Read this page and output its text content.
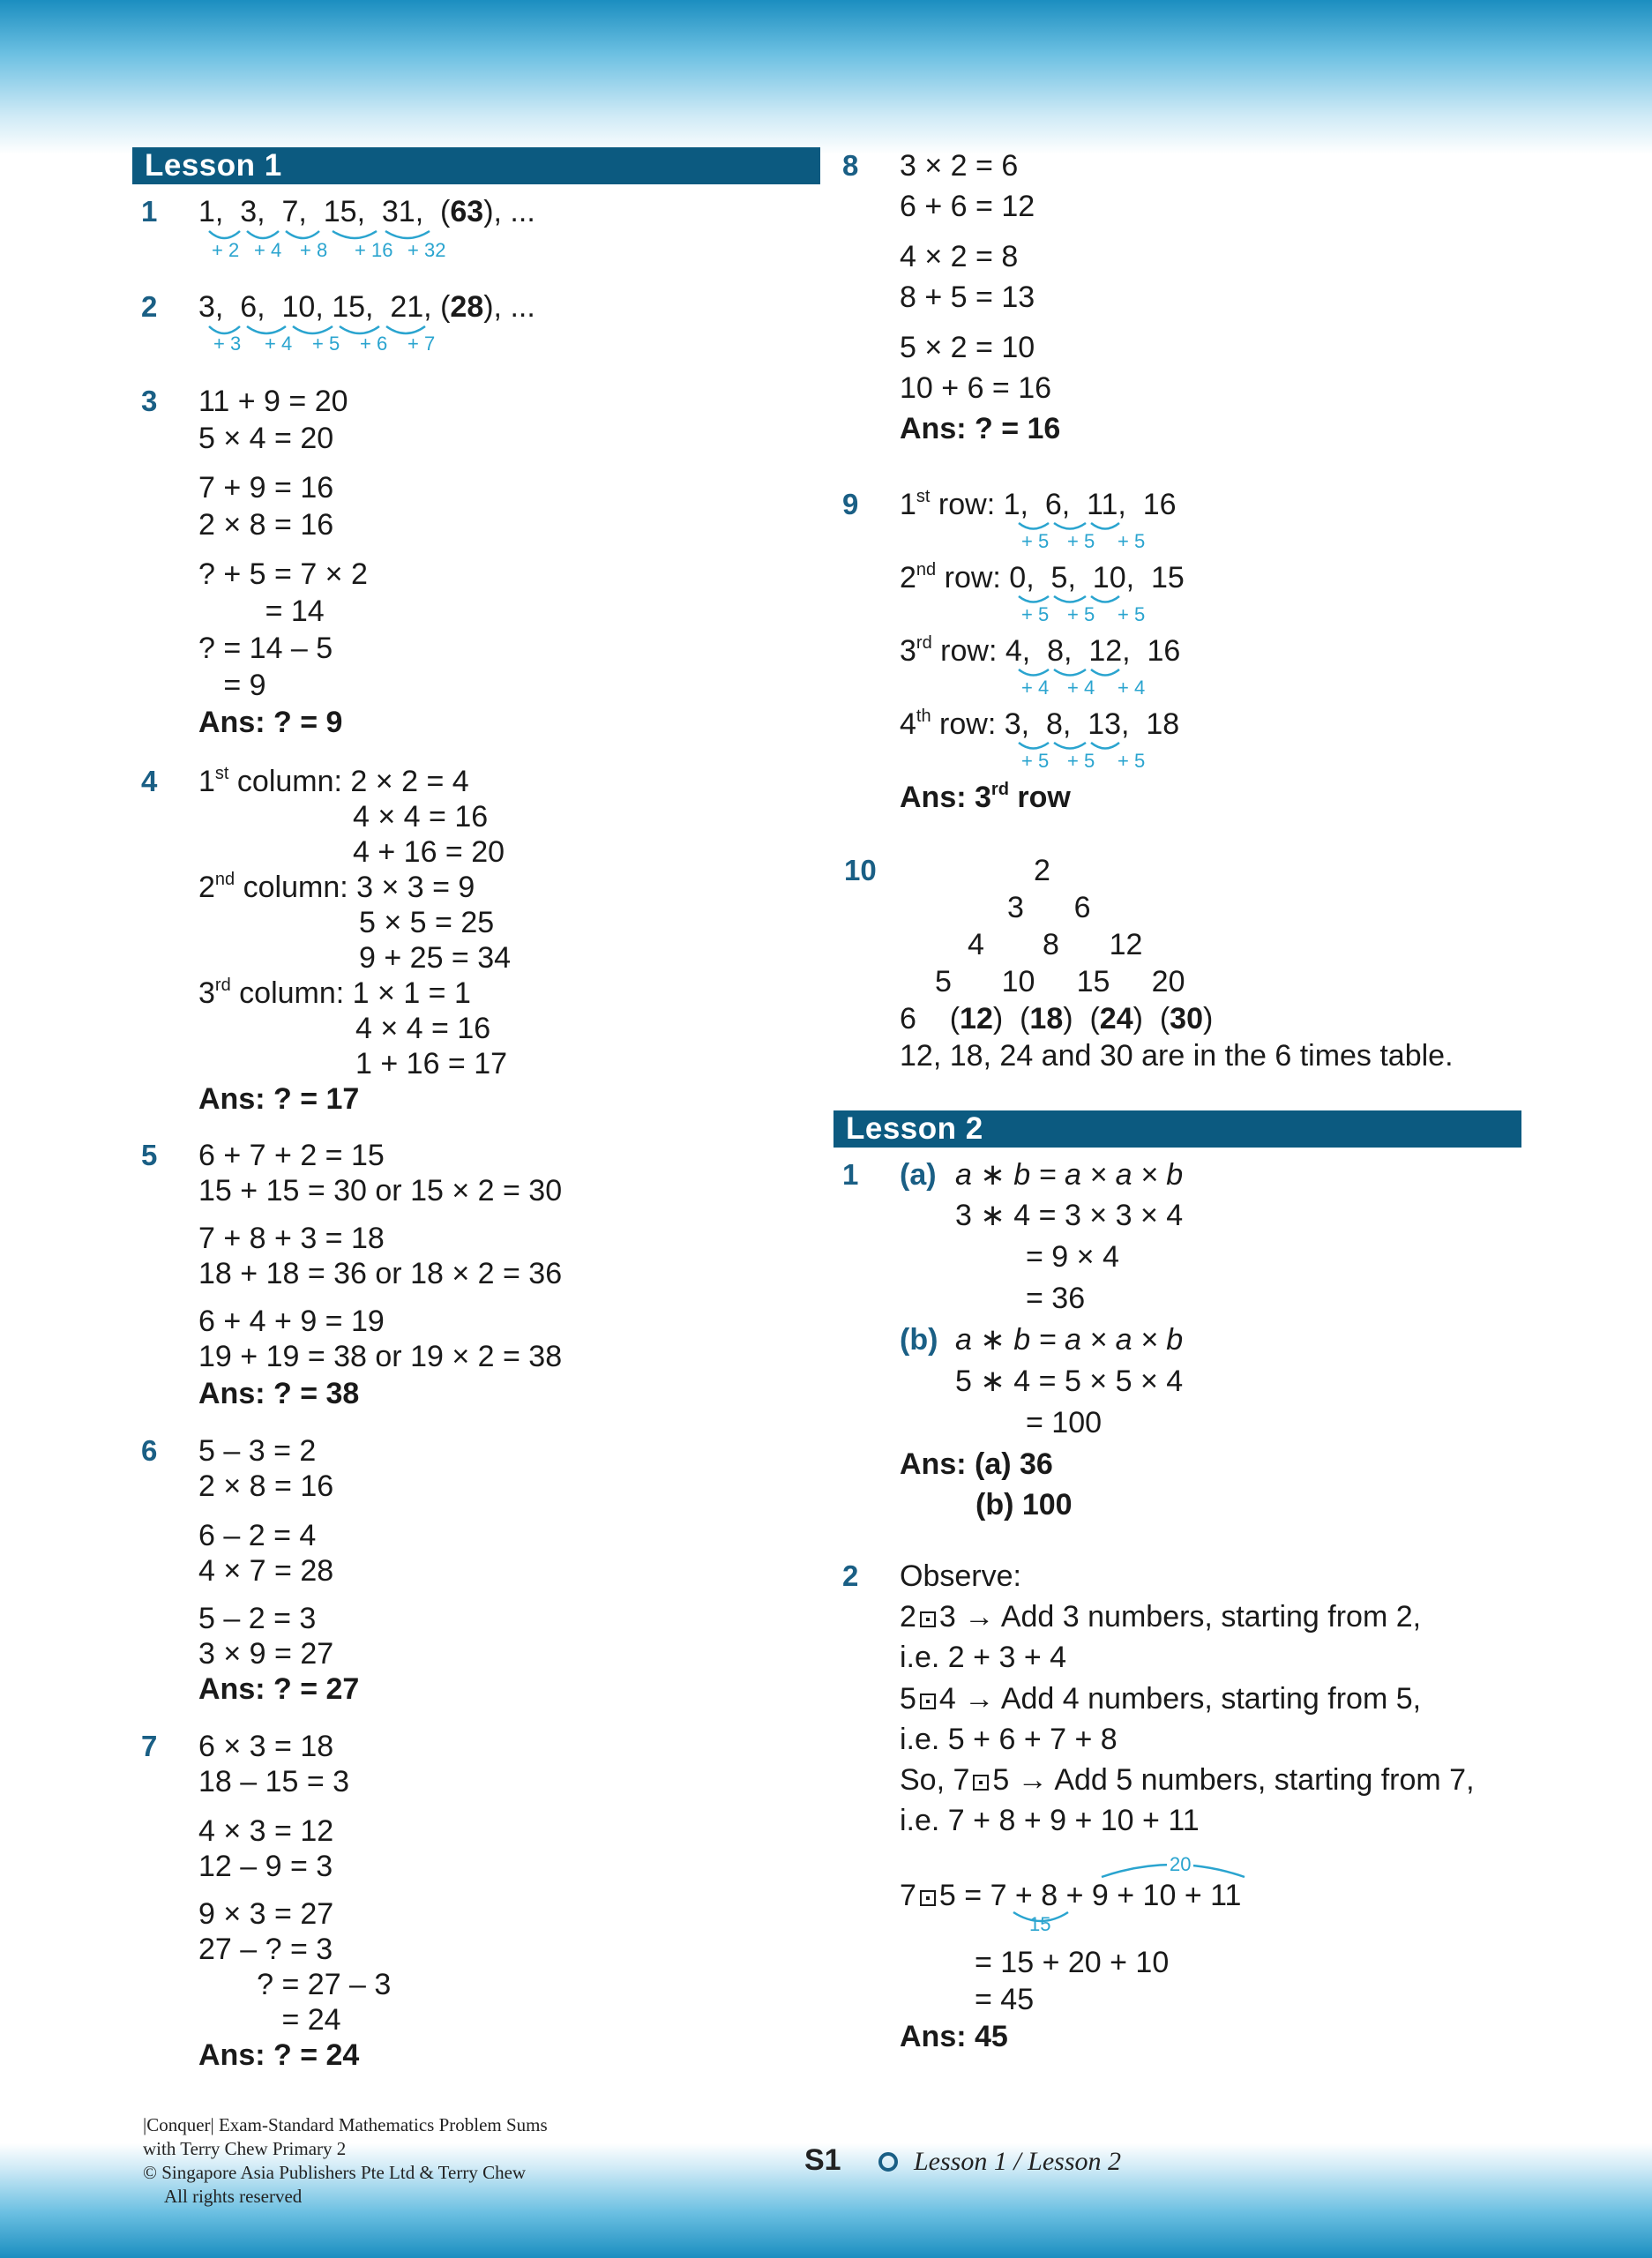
Lesson 1
1	1,  3,  7,  15,  31,  (63), ...
+ 2 + 4 + 8 + 16 + 32
2	3,  6,  10, 15,  21, (28), ...
+ 3 + 4 + 5 + 6 + 7
3	11 + 9 = 20
5 × 4 = 20
7 + 9 = 16
2 × 8 = 16
? + 5 = 7 × 2
= 14
? = 14 – 5
= 9
Ans: ? = 9
4	1st column: 2 × 2 = 4
4 × 4 = 16
4 + 16 = 20
2nd column: 3 × 3 = 9
5 × 5 = 25
9 + 25 = 34
3rd column: 1 × 1 = 1
4 × 4 = 16
1 + 16 = 17
Ans: ? = 17
5	6 + 7 + 2 = 15
15 + 15 = 30 or 15 × 2 = 30
7 + 8 + 3 = 18
18 + 18 = 36 or 18 × 2 = 36
6 + 4 + 9 = 19
19 + 19 = 38 or 19 × 2 = 38
Ans: ? = 38
6	5 – 3 = 2
2 × 8 = 16
6 – 2 = 4
4 × 7 = 28
5 – 2 = 3
3 × 9 = 27
Ans: ? = 27
7	6 × 3 = 18
18 – 15 = 3
4 × 3 = 12
12 – 9 = 3
9 × 3 = 27
27 – ? = 3
? = 27 – 3
= 24
Ans: ? = 24
8	3 × 2 = 6
6 + 6 = 12
4 × 2 = 8
8 + 5 = 13
5 × 2 = 10
10 + 6 = 16
Ans: ? = 16
9	1st row: 1,  6,  11,  16
+ 5 + 5 + 5
2nd row: 0,  5,  10,  15
+ 5 + 5 + 5
3rd row: 4,  8,  12,  16
+ 4 + 4 + 4
4th row: 3,  8,  13,  18
+ 5 + 5 + 5
Ans: 3rd row
10	2
3      6
4       8      12
5      10     15     20
6    (12)  (18)  (24)  (30)
12, 18, 24 and 30 are in the 6 times table.
Lesson 2
1	(a) a ∗ b = a × a × b
3 ∗ 4 = 3 × 3 × 4
= 9 × 4
= 36
(b) a ∗ b = a × a × b
5 ∗ 4 = 5 × 5 × 4
= 100
Ans: (a) 36
(b) 100
2	Observe:
2 3 → Add 3 numbers, starting from 2,
i.e. 2 + 3 + 4
5 4 → Add 4 numbers, starting from 5,
i.e. 5 + 6 + 7 + 8
So, 7 5 → Add 5 numbers, starting from 7,
i.e. 7 + 8 + 9 + 10 + 11
20
7 5 = 7 + 8 + 9 + 10 + 11
15
= 15 + 20 + 10
= 45
Ans: 45
|Conquer| Exam-Standard Mathematics Problem Sums
with Terry Chew Primary 2
© Singapore Asia Publishers Pte Ltd & Terry Chew
All rights reserved
S1	Lesson 1 / Lesson 2
